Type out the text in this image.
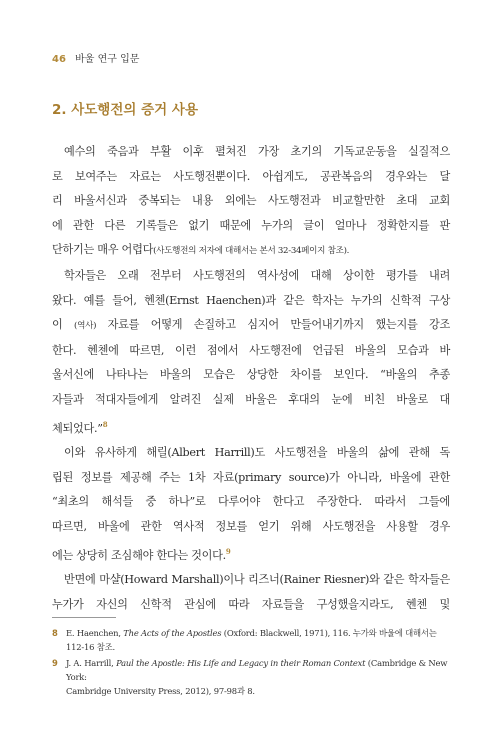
46 바울 연구 입문
2. 사도행전의 증거 사용
예수의 죽음과 부활 이후 펼쳐진 가장 초기의 기독교운동을 실질적으
로 보여주는 자료는 사도행전뿐이다. 아쉽게도, 공관복음의 경우와는 달
리 바울서신과 중복되는 내용 외에는 사도행전과 비교할만한 초대 교회
에 관한 다른 기록들은 없기 때문에 누가의 글이 얼마나 정확한지를 판
단하기는 매우 어렵다(사도행전의 저자에 대해서는 본서 32-34페이지 참조).
학자들은 오래 전부터 사도행전의 역사성에 대해 상이한 평가를 내려
왔다. 예를 들어, 헨첸(Ernst Haenchen)과 같은 학자는 누가의 신학적 구상
이 (역사) 자료를 어떻게 손질하고 심지어 만들어내기까지 했는지를 강조
한다. 헨첸에 따르면, 이런 점에서 사도행전에 언급된 바울의 모습과 바
울서신에 나타나는 바울의 모습은 상당한 차이를 보인다. “바울의 추종
자들과 적대자들에게 알려진 실제 바울은 후대의 눈에 비친 바울로 대
체되었다.”$^8$
이와 유사하게 해릴(Albert Harrill)도 사도행전을 바울의 삶에 관해 독
립된 정보를 제공해 주는 1차 자료(primary source)가 아니라, 바울에 관한
“최초의 해석들 중 하나”로 다루어야 한다고 주장한다. 따라서 그들에
따르면, 바울에 관한 역사적 정보를 얻기 위해 사도행전을 사용할 경우
에는 상당히 조심해야 한다는 것이다.$^9$
반면에 마샬(Howard Marshall)이나 리즈너(Rainer Riesner)와 같은 학자들은
누가가 자신의 신학적 관심에 따라 자료들을 구성했을지라도, 헨첸 및
8 E. Haenchen, The Acts of the Apostles (Oxford: Blackwell, 1971), 116. 누가와 바울에 대해서는
112-16 참조.
9 J. A. Harrill, Paul the Apostle: His Life and Legacy in their Roman Context (Cambridge & New York:
Cambridge University Press, 2012), 97-98과 8.
